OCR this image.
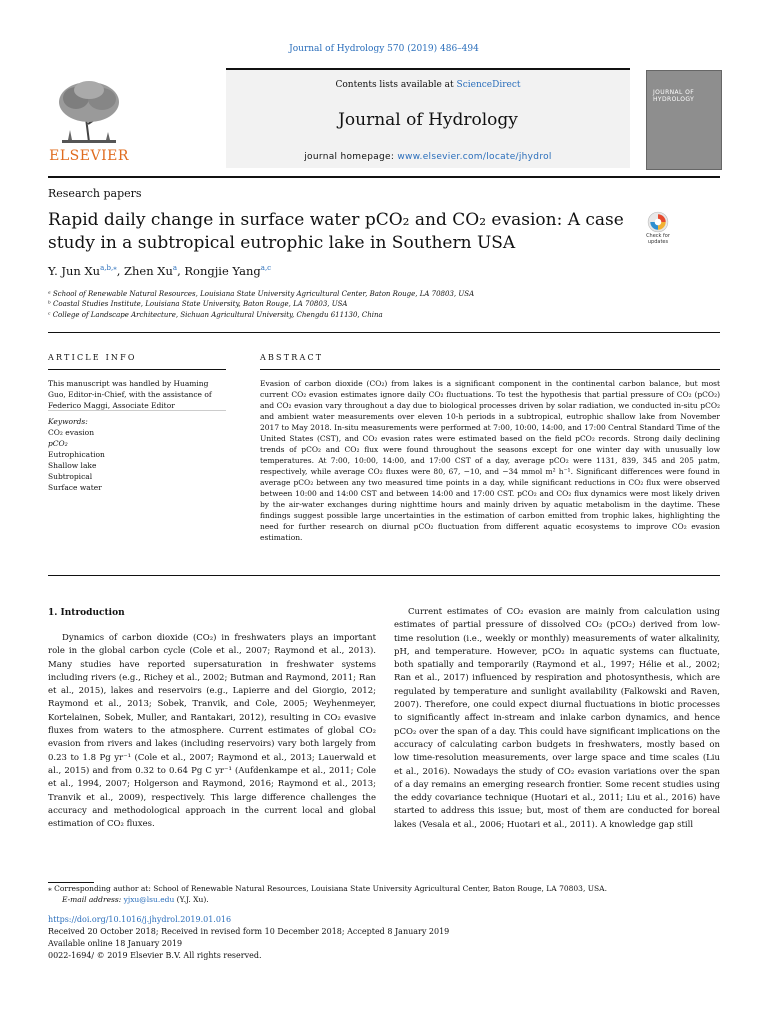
Journal of Hydrology 570 (2019) 486–494
ELSEVIER
Contents lists available at ScienceDirect
Journal of Hydrology
journal homepage: www.elsevier.com/locate/jhydrol
JOURNAL OF HYDROLOGY
Research papers
Rapid daily change in surface water pCO₂ and CO₂ evasion: A case study in a subtropical eutrophic lake in Southern USA	Check for updates
Y. Jun $Xu^{a,b,⁎}$, Zhen Xu$^a$, Rongjie Yang$^{a,c}$
ᵃ School of Renewable Natural Resources, Louisiana State University Agricultural Center, Baton Rouge, LA 70803, USA
ᵇ Coastal Studies Institute, Louisiana State University, Baton Rouge, LA 70803, USA
ᶜ College of Landscape Architecture, Sichuan Agricultural University, Chengdu 611130, China
ARTICLE INFO
This manuscript was handled by Huaming Guo, Editor-in-Chief, with the assistance of Federico Maggi, Associate Editor
Keywords:
CO₂ evasion
pCO₂
Eutrophication
Shallow lake
Subtropical
Surface water
ABSTRACT
Evasion of carbon dioxide (CO₂) from lakes is a significant component in the continental carbon balance, but most current CO₂ evasion estimates ignore daily CO₂ fluctuations. To test the hypothesis that partial pressure of CO₂ (pCO₂) and CO₂ evasion vary throughout a day due to biological processes driven by solar radiation, we conducted in-situ pCO₂ and ambient water measurements over eleven 10-h periods in a subtropical, eutrophic shallow lake from November 2017 to May 2018. In-situ measurements were performed at 7:00, 10:00, 14:00, and 17:00 Central Standard Time of the United States (CST), and CO₂ evasion rates were estimated based on the field pCO₂ records. Strong daily declining trends of pCO₂ and CO₂ flux were found throughout the seasons except for one winter day with unusually low temperatures. At 7:00, 10:00, 14:00, and 17:00 CST of a day, average pCO₂ were 1131, 839, 345 and 205 µatm, respectively, while average CO₂ fluxes were 80, 67, −10, and −34 mmol m² h⁻¹. Significant differences were found in average pCO₂ between any two measured time points in a day, while significant reductions in CO₂ flux were observed between 10:00 and 14:00 CST and between 14:00 and 17:00 CST. pCO₂ and CO₂ flux dynamics were most likely driven by the air-water exchanges during nighttime hours and mainly driven by aquatic metabolism in the daytime. These findings suggest possible large uncertainties in the estimation of carbon emitted from trophic lakes, highlighting the need for further research on diurnal pCO₂ fluctuation from different aquatic ecosystems to improve CO₂ evasion estimation.
1. Introduction
Dynamics of carbon dioxide (CO₂) in freshwaters plays an important role in the global carbon cycle (Cole et al., 2007; Raymond et al., 2013). Many studies have reported supersaturation in freshwater systems including rivers (e.g., Richey et al., 2002; Butman and Raymond, 2011; Ran et al., 2015), lakes and reservoirs (e.g., Lapierre and del Giorgio, 2012; Raymond et al., 2013; Sobek, Tranvik, and Cole, 2005; Weyhenmeyer, Kortelainen, Sobek, Muller, and Rantakari, 2012), resulting in CO₂ evasive fluxes from waters to the atmosphere. Current estimates of global CO₂ evasion from rivers and lakes (including reservoirs) vary both largely from 0.23 to 1.8 Pg yr⁻¹ (Cole et al., 2007; Raymond et al., 2013; Lauerwald et al., 2015) and from 0.32 to 0.64 Pg C yr⁻¹ (Aufdenkampe et al., 2011; Cole et al., 1994, 2007; Holgerson and Raymond, 2016; Raymond et al., 2013; Tranvik et al., 2009), respectively. This large difference challenges the accuracy and methodological approach in the current local and global estimation of CO₂ fluxes.
Current estimates of CO₂ evasion are mainly from calculation using estimates of partial pressure of dissolved CO₂ (pCO₂) derived from low-time resolution (i.e., weekly or monthly) measurements of water alkalinity, pH, and temperature. However, pCO₂ in aquatic systems can fluctuate, both spatially and temporarily (Raymond et al., 1997; Hélie et al., 2002; Ran et al., 2017) influenced by respiration and photosynthesis, which are regulated by temperature and sunlight availability (Falkowski and Raven, 2007). Therefore, one could expect diurnal fluctuations in biotic processes to significantly affect in-stream and inlake carbon dynamics, and hence pCO₂ over the span of a day. This could have significant implications on the accuracy of calculating carbon budgets in freshwaters, mostly based on low time-resolution measurements, over large space and time scales (Liu et al., 2016). Nowadays the study of CO₂ evasion variations over the span of a day remains an emerging research frontier. Some recent studies using the eddy covariance technique (Huotari et al., 2011; Liu et al., 2016) have started to address this issue; but, most of them are conducted for boreal lakes (Vesala et al., 2006; Huotari et al., 2011). A knowledge gap still
⁎ Corresponding author at: School of Renewable Natural Resources, Louisiana State University Agricultural Center, Baton Rouge, LA 70803, USA.
E-mail address: yjxu@lsu.edu (Y.J. Xu).
https://doi.org/10.1016/j.jhydrol.2019.01.016
Received 20 October 2018; Received in revised form 10 December 2018; Accepted 8 January 2019
Available online 18 January 2019
0022-1694/ © 2019 Elsevier B.V. All rights reserved.
